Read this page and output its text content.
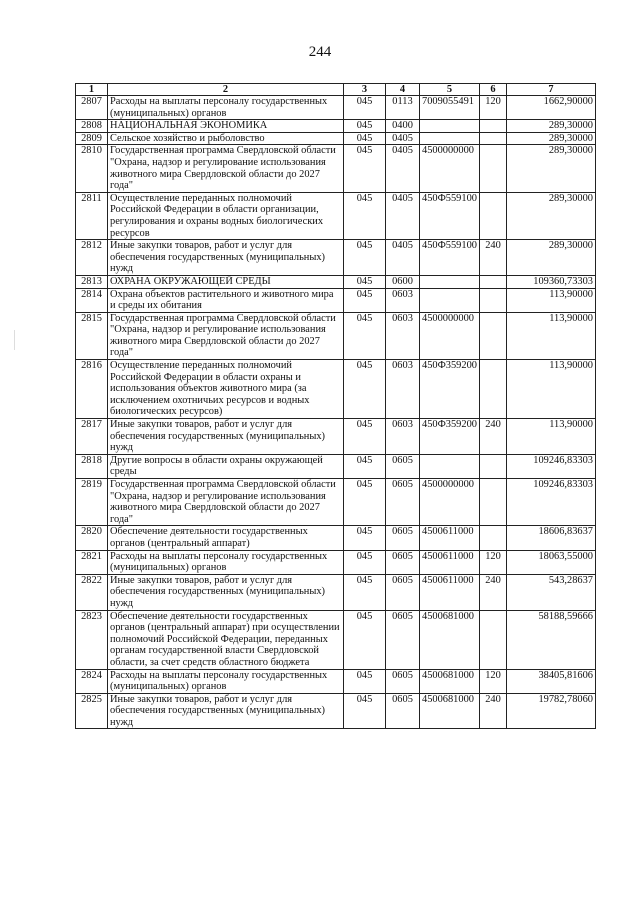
244
1	2	3	4	5	6	7
2807	Расходы на выплаты персоналу государственных (муниципальных) органов	045	0113	7009055491	120	1662,90000
2808	НАЦИОНАЛЬНАЯ ЭКОНОМИКА	045	0400			289,30000
2809	Сельское хозяйство и рыболовство	045	0405			289,30000
2810	Государственная программа Свердловской области "Охрана, надзор и регулирование использования животного мира Свердловской области до 2027 года"	045	0405	4500000000		289,30000
2811	Осуществление переданных полномочий Российской Федерации в области организации, регулирования и охраны водных биологических ресурсов	045	0405	450Ф559100		289,30000
2812	Иные закупки товаров, работ и услуг для обеспечения государственных (муниципальных) нужд	045	0405	450Ф559100	240	289,30000
2813	ОХРАНА ОКРУЖАЮЩЕЙ СРЕДЫ	045	0600			109360,73303
2814	Охрана объектов растительного и животного мира и среды их обитания	045	0603			113,90000
2815	Государственная программа Свердловской области "Охрана, надзор и регулирование использования животного мира Свердловской области до 2027 года"	045	0603	4500000000		113,90000
2816	Осуществление переданных полномочий Российской Федерации в области охраны и использования объектов животного мира (за исключением охотничьих ресурсов и водных биологических ресурсов)	045	0603	450Ф359200		113,90000
2817	Иные закупки товаров, работ и услуг для обеспечения государственных (муниципальных) нужд	045	0603	450Ф359200	240	113,90000
2818	Другие вопросы в области охраны окружающей среды	045	0605			109246,83303
2819	Государственная программа Свердловской области "Охрана, надзор и регулирование использования животного мира Свердловской области до 2027 года"	045	0605	4500000000		109246,83303
2820	Обеспечение деятельности государственных органов (центральный аппарат)	045	0605	4500611000		18606,83637
2821	Расходы на выплаты персоналу государственных (муниципальных) органов	045	0605	4500611000	120	18063,55000
2822	Иные закупки товаров, работ и услуг для обеспечения государственных (муниципальных) нужд	045	0605	4500611000	240	543,28637
2823	Обеспечение деятельности государственных органов (центральный аппарат) при осуществлении полномочий Российской Федерации, переданных органам государственной власти Свердловской области, за счет средств областного бюджета	045	0605	4500681000		58188,59666
2824	Расходы на выплаты персоналу государственных (муниципальных) органов	045	0605	4500681000	120	38405,81606
2825	Иные закупки товаров, работ и услуг для обеспечения государственных (муниципальных) нужд	045	0605	4500681000	240	19782,78060
